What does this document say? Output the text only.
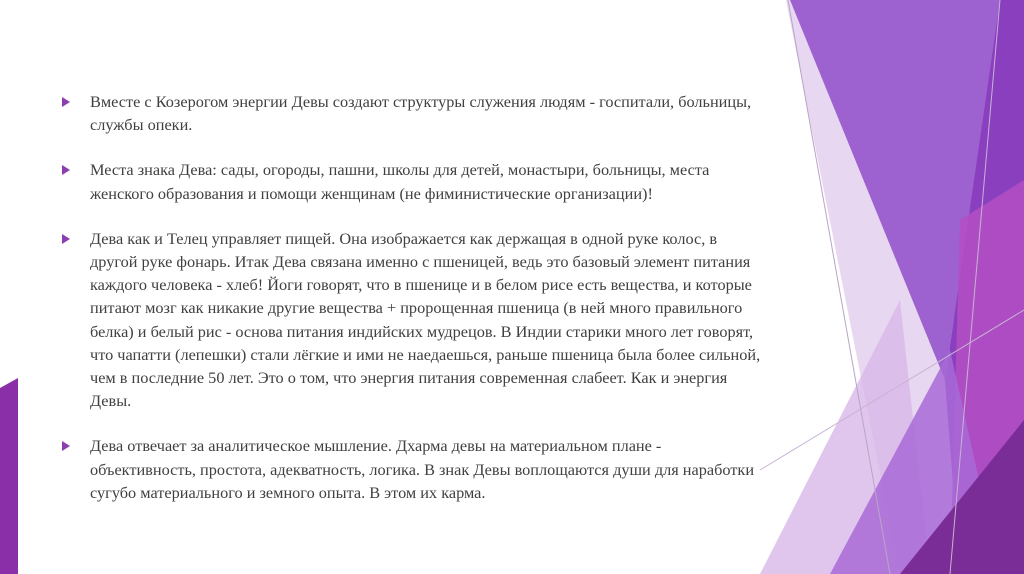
Вместе с Козерогом энергии Девы создают структуры служения людям - госпитали, больницы, службы опеки.
Места знака Дева: сады, огороды, пашни, школы для детей, монастыри, больницы, места женского образования и помощи женщинам (не фиминистические организации)!
Дева как и Телец управляет пищей. Она изображается как держащая в одной руке колос, в другой руке фонарь. Итак Дева связана именно с пшеницей, ведь это базовый элемент питания каждого человека - хлеб! Йоги говорят, что в пшенице и в белом рисе есть вещества, и которые питают мозг как никакие другие вещества + пророщенная пшеница (в ней много правильного белка) и белый рис - основа питания индийских мудрецов. В Индии старики много лет говорят, что чапатти (лепешки) стали лёгкие и ими не наедаешься, раньше пшеница была более сильной, чем в последние 50 лет. Это о том, что энергия питания современная слабеет. Как и энергия Девы.
Дева отвечает за аналитическое мышление. Дхарма девы на материальном плане - объективность, простота, адекватность, логика. В знак Девы воплощаются души для наработки сугубо материального и земного опыта. В этом их карма.
